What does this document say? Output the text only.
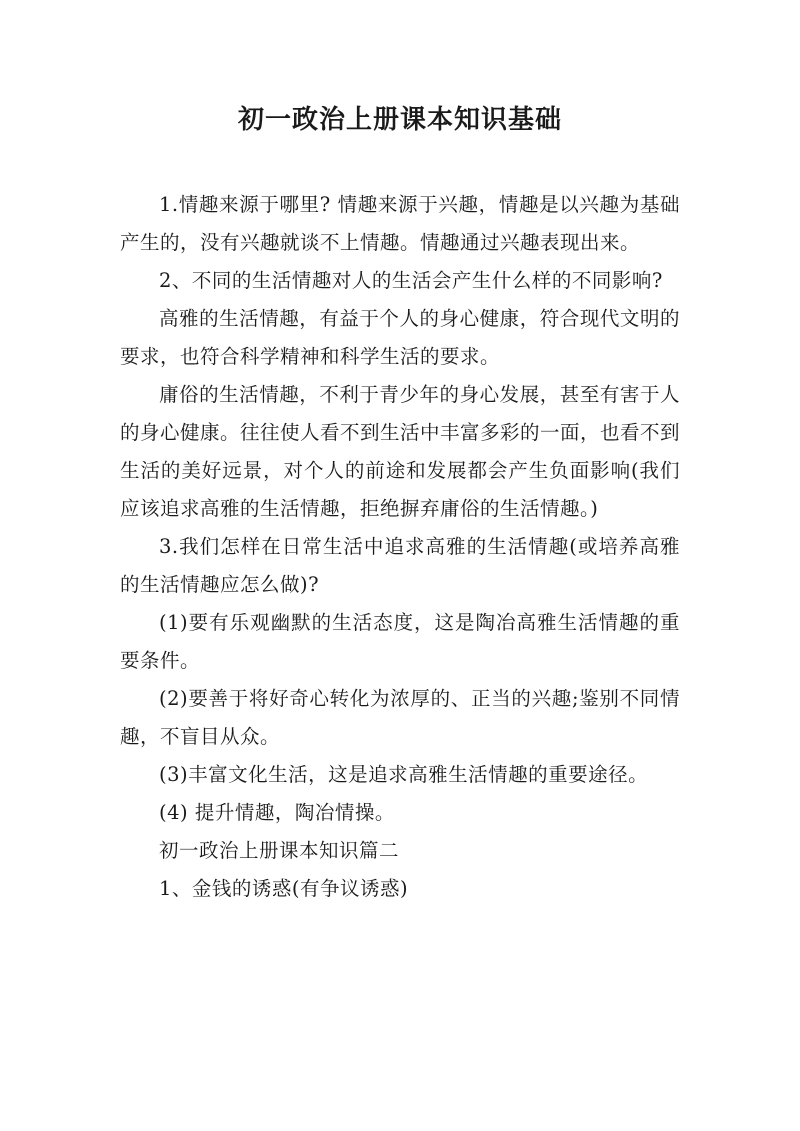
初一政治上册课本知识基础

1.情趣来源于哪里? 情趣来源于兴趣，情趣是以兴趣为基础产生的，没有兴趣就谈不上情趣。情趣通过兴趣表现出来。

2、不同的生活情趣对人的生活会产生什么样的不同影响?

高雅的生活情趣，有益于个人的身心健康，符合现代文明的要求，也符合科学精神和科学生活的要求。

庸俗的生活情趣，不利于青少年的身心发展，甚至有害于人的身心健康。往往使人看不到生活中丰富多彩的一面，也看不到生活的美好远景，对个人的前途和发展都会产生负面影响(我们应该追求高雅的生活情趣，拒绝摒弃庸俗的生活情趣。)

3.我们怎样在日常生活中追求高雅的生活情趣(或培养高雅的生活情趣应怎么做)?

(1)要有乐观幽默的生活态度，这是陶冶高雅生活情趣的重要条件。

(2)要善于将好奇心转化为浓厚的、正当的兴趣;鉴别不同情趣，不盲目从众。

(3)丰富文化生活，这是追求高雅生活情趣的重要途径。

(4) 提升情趣，陶冶情操。

初一政治上册课本知识篇二

1、金钱的诱惑(有争议诱惑)
